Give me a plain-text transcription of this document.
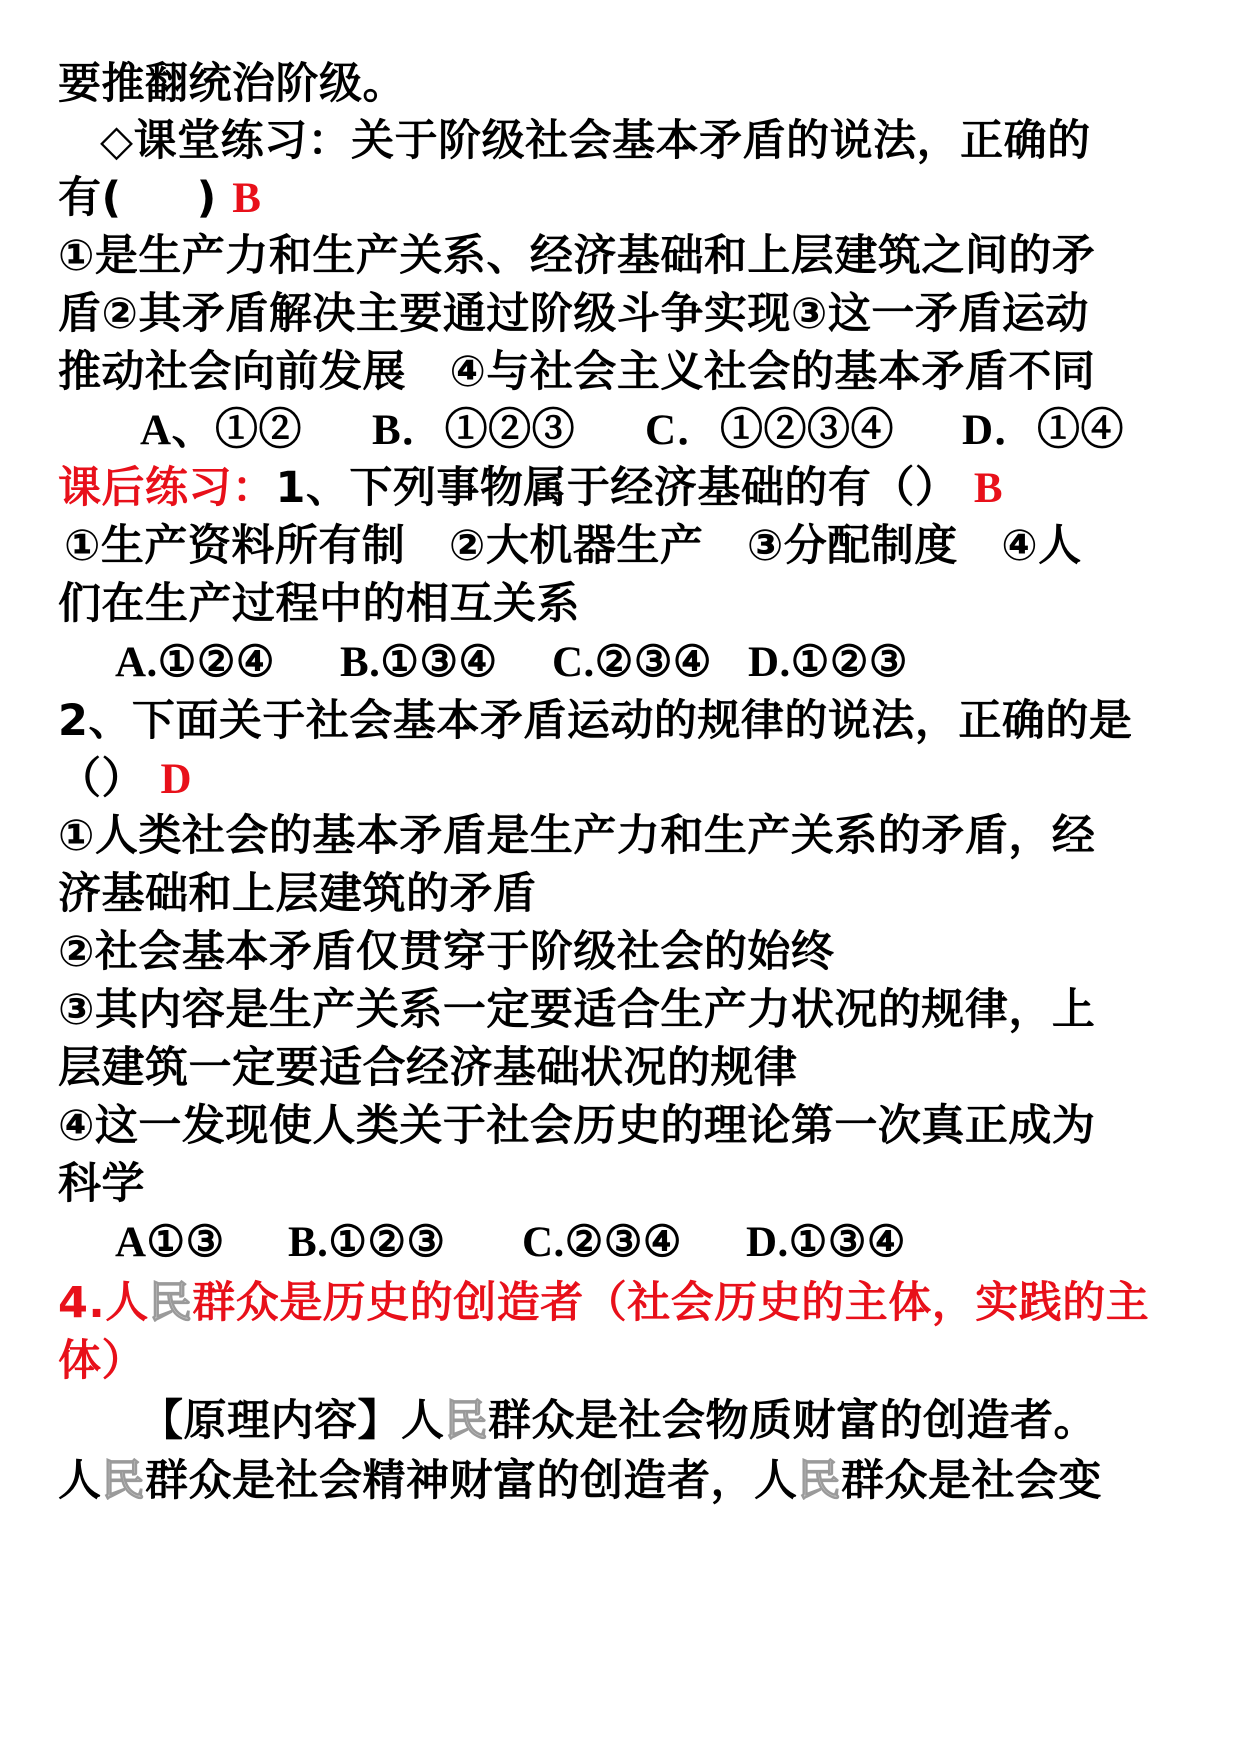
要推翻统治阶级。
◇课堂练习：关于阶级社会基本矛盾的说法，正确的
有( ) B
①是生产力和生产关系、经济基础和上层建筑之间的矛
盾②其矛盾解决主要通过阶级斗争实现③这一矛盾运动
推动社会向前发展　④与社会主义社会的基本矛盾不同
A、①② B．①②③ C．①②③④ D．①④
课后练习：1、下列事物属于经济基础的有（） B
①生产资料所有制　②大机器生产　③分配制度　④人
们在生产过程中的相互关系
A.①②④ B.①③④ C.②③④ D.①②③
2、下面关于社会基本矛盾运动的规律的说法，正确的是
（） D
①人类社会的基本矛盾是生产力和生产关系的矛盾，经
济基础和上层建筑的矛盾
②社会基本矛盾仅贯穿于阶级社会的始终
③其内容是生产关系一定要适合生产力状况的规律，上
层建筑一定要适合经济基础状况的规律
④这一发现使人类关于社会历史的理论第一次真正成为
科学
A①③ B.①②③ C.②③④ D.①③④
4.人民群众是历史的创造者（社会历史的主体，实践的主
体）
【原理内容】人民群众是社会物质财富的创造者。
人民群众是社会精神财富的创造者，人民群众是社会变
